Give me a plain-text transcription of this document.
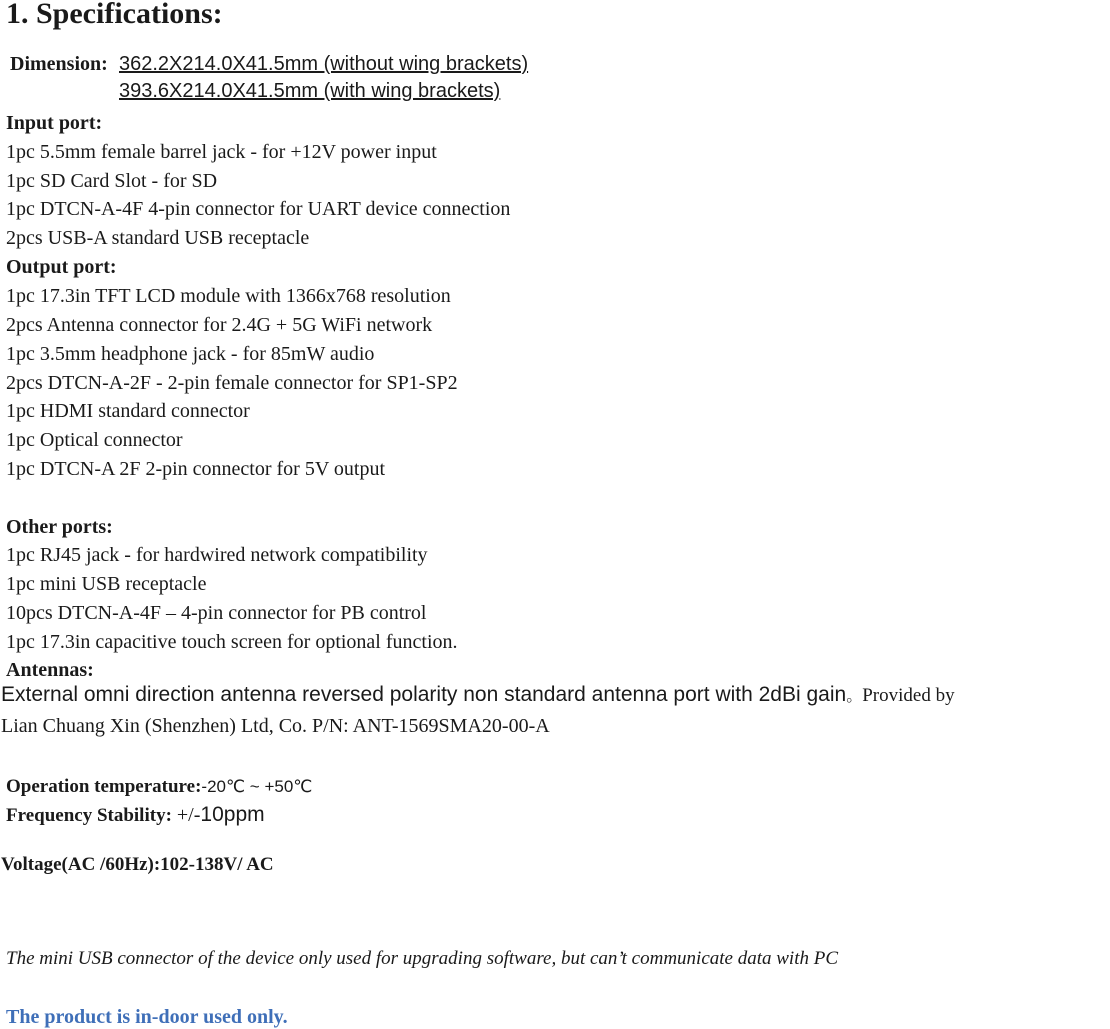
1. Specifications:
Dimension: 362.2X214.0X41.5mm (without wing brackets)
393.6X214.0X41.5mm (with wing brackets)
Input port:
1pc 5.5mm female barrel jack - for +12V power input
1pc SD Card Slot - for SD
1pc DTCN-A-4F 4-pin connector for UART device connection
2pcs USB-A standard USB receptacle
Output port:
1pc 17.3in TFT LCD module with 1366x768 resolution
2pcs Antenna connector for 2.4G + 5G WiFi network
1pc 3.5mm headphone jack - for 85mW audio
2pcs DTCN-A-2F - 2-pin female connector for SP1-SP2
1pc HDMI standard connector
1pc Optical connector
1pc DTCN-A 2F 2-pin connector for 5V output
Other ports:
1pc RJ45 jack - for hardwired network compatibility
1pc mini USB receptacle
10pcs DTCN-A-4F – 4-pin connector for PB control
1pc 17.3in capacitive touch screen for optional function.
Antennas:
External omni direction antenna reversed polarity non standard antenna port with 2dBi gain。Provided by
Lian Chuang Xin (Shenzhen) Ltd, Co. P/N: ANT-1569SMA20-00-A
Operation temperature:-20℃ ~ +50℃
Frequency Stability: +/-10ppm
Voltage(AC /60Hz):102-138V/ AC
The mini USB connector of the device only used for upgrading software, but can’t communicate data with PC
The product is in-door used only.
